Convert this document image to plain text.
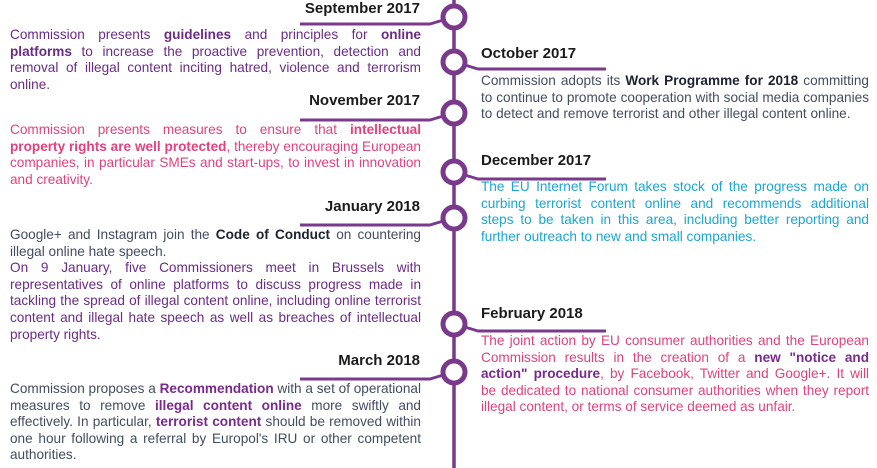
September 2017
Commission presents guidelines and principles for online platforms to increase the proactive prevention, detection and removal of illegal content inciting hatred, violence and terrorism online.
October 2017
Commission adopts its Work Programme for 2018 committing to continue to promote cooperation with social media companies to detect and remove terrorist and other illegal content online.
November 2017
Commission presents measures to ensure that intellectual property rights are well protected, thereby encouraging European companies, in particular SMEs and start-ups, to invest in innovation and creativity.
December 2017
The EU Internet Forum takes stock of the progress made on curbing terrorist content online and recommends additional steps to be taken in this area, including better reporting and further outreach to new and small companies.
January 2018

Google+ and Instagram join the Code of Conduct on countering illegal online hate speech.

On 9 January, five Commissioners meet in Brussels with representatives of online platforms to discuss progress made in tackling the spread of illegal content online, including online terrorist content and illegal hate speech as well as breaches of intellectual property rights.

February 2018
The joint action by EU consumer authorities and the European Commission results in the creation of a new "notice and action" procedure, by Facebook, Twitter and Google+. It will be dedicated to national consumer authorities when they report illegal content, or terms of service deemed as unfair.
March 2018
Commission proposes a Recommendation with a set of operational measures to remove illegal content online more swiftly and effectively. In particular, terrorist content should be removed within one hour following a referral by Europol's IRU or other competent authorities.
